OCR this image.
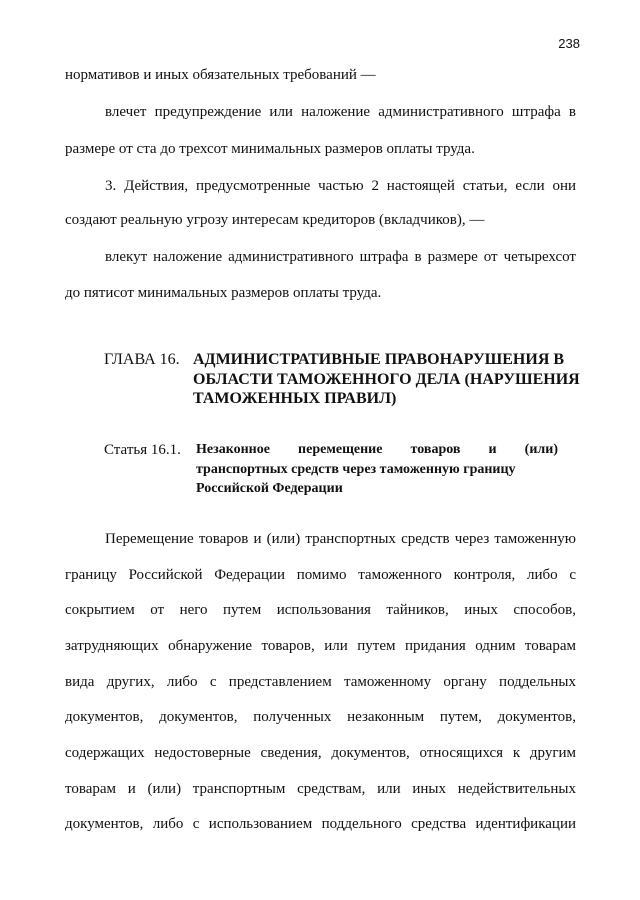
238
нормативов и иных обязательных требований —
влечет предупреждение или наложение административного штрафа в
размере от ста до трехсот минимальных размеров оплаты труда.
3. Действия, предусмотренные частью 2 настоящей статьи, если они
создают реальную угрозу интересам кредиторов (вкладчиков), —
влекут наложение административного штрафа в размере от четырехсот
до пятисот минимальных размеров оплаты труда.
ГЛАВА 16. АДМИНИСТРАТИВНЫЕ ПРАВОНАРУШЕНИЯ В
ОБЛАСТИ ТАМОЖЕННОГО ДЕЛА (НАРУШЕНИЯ
ТАМОЖЕННЫХ ПРАВИЛ)
Статья 16.1. Незаконное перемещение товаров и (или)
транспортных средств через таможенную границу
Российской Федерации
Перемещение товаров и (или) транспортных средств через таможенную
границу Российской Федерации помимо таможенного контроля, либо с
сокрытием от него путем использования тайников, иных способов,
затрудняющих обнаружение товаров, или путем придания одним товарам
вида других, либо с представлением таможенному органу поддельных
документов, документов, полученных незаконным путем, документов,
содержащих недостоверные сведения, документов, относящихся к другим
товарам и (или) транспортным средствам, или иных недействительных
документов, либо с использованием поддельного средства идентификации
